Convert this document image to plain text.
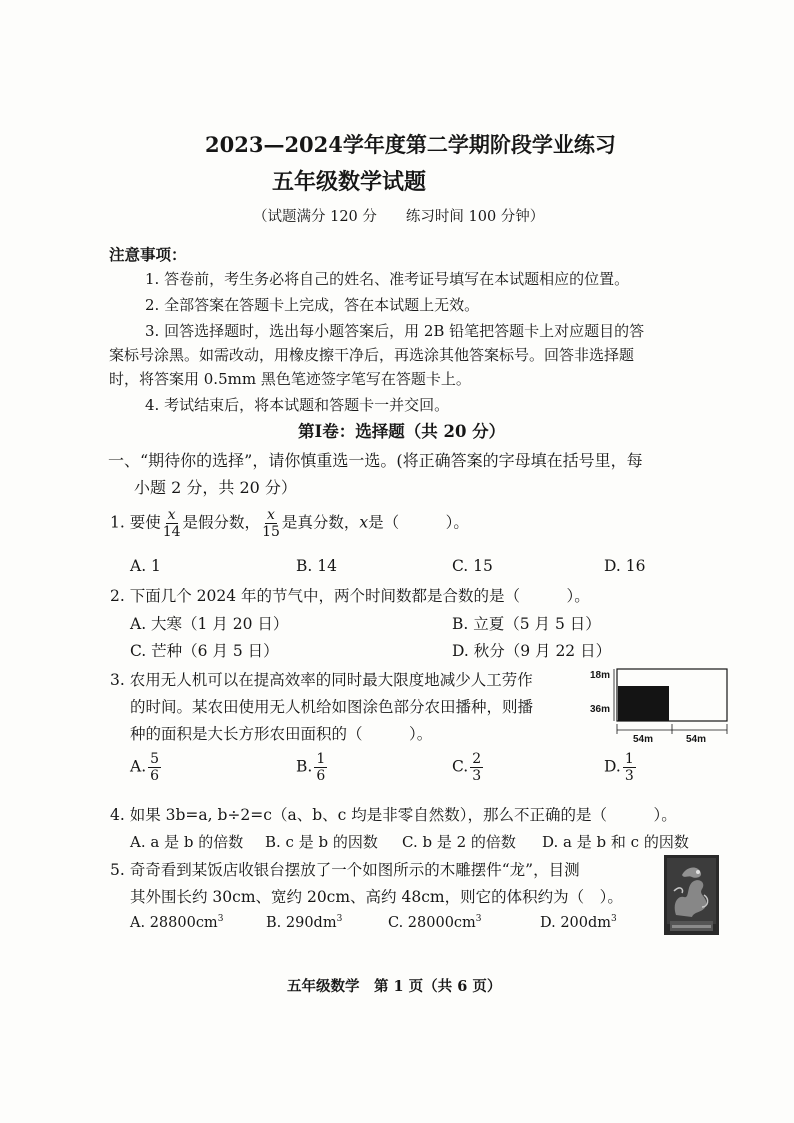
2023—2024学年度第二学期阶段学业练习
五年级数学试题
（试题满分 120 分　　练习时间 100 分钟）
注意事项：
1. 答卷前，考生务必将自己的姓名、准考证号填写在本试题相应的位置。
2. 全部答案在答题卡上完成，答在本试题上无效。
3. 回答选择题时，选出每小题答案后，用 2B 铅笔把答题卡上对应题目的答
案标号涂黑。如需改动，用橡皮擦干净后，再选涂其他答案标号。回答非选择题
时，将答案用 0.5mm 黑色笔迹签字笔写在答题卡上。
4. 考试结束后，将本试题和答题卡一并交回。
第Ⅰ卷：选择题（共 20 分）
一、“期待你的选择”，请你慎重选一选。(将正确答案的字母填在括号里，每
小题 2 分，共 20 分）
1. 要使 $\frac{x}{14}$ 是假分数， $\frac{x}{15}$ 是真分数，x是（　　　）。
A. 1	B. 14	C. 15	D. 16
2. 下面几个 2024 年的节气中，两个时间数都是合数的是（　　　）。
A. 大寒（1 月 20 日）	B. 立夏（5 月 5 日）
C. 芒种（6 月 5 日）	D. 秋分（9 月 22 日）
3. 农用无人机可以在提高效率的同时最大限度地减少人工劳作
的时间。某农田使用无人机给如图涂色部分农田播种，则播
种的面积是大长方形农田面积的（　　　）。
18m
36m
54m	54m
A. $\frac{5}{6}$	B. $\frac{1}{6}$	C. $\frac{2}{3}$	D. $\frac{1}{3}$
4. 如果 3b=a, b÷2=c（a、b、c 均是非零自然数），那么不正确的是（　　　）。
A. a 是 b 的倍数 B. c 是 b 的因数 C. b 是 2 的倍数 D. a 是 b 和 c 的因数
5. 奇奇看到某饭店收银台摆放了一个如图所示的木雕摆件“龙”，目测
其外围长约 30cm、宽约 20cm、高约 48cm，则它的体积约为（　）。
A. $28800cm^3$	B. $290dm^3$	C. $28000cm^3$	D. $200dm^3$
五年级数学　第 1 页（共 6 页）
